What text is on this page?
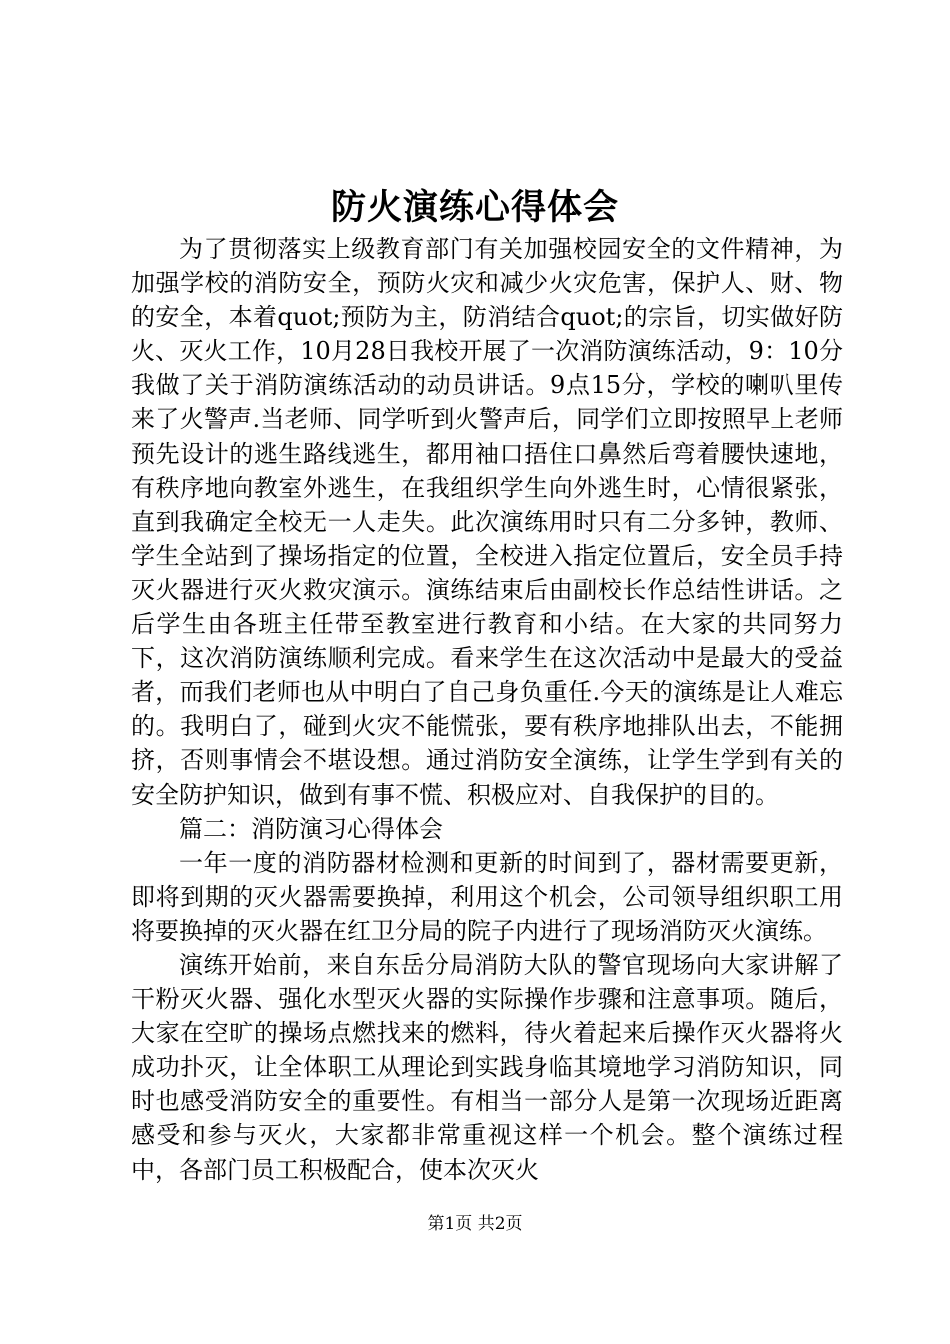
防火演练心得体会

为了贯彻落实上级教育部门有关加强校园安全的文件精神，为加强学校的消防安全，预防火灾和减少火灾危害，保护人、财、物的安全，本着quot;预防为主，防消结合quot;的宗旨，切实做好防火、灭火工作，10月28日我校开展了一次消防演练活动，9：10分我做了关于消防演练活动的动员讲话。9点15分，学校的喇叭里传来了火警声.当老师、同学听到火警声后，同学们立即按照早上老师预先设计的逃生路线逃生，都用袖口捂住口鼻然后弯着腰快速地，有秩序地向教室外逃生，在我组织学生向外逃生时，心情很紧张，直到我确定全校无一人走失。此次演练用时只有二分多钟，教师、学生全站到了操场指定的位置，全校进入指定位置后，安全员手持灭火器进行灭火救灾演示。演练结束后由副校长作总结性讲话。之后学生由各班主任带至教室进行教育和小结。在大家的共同努力下，这次消防演练顺利完成。看来学生在这次活动中是最大的受益者，而我们老师也从中明白了自己身负重任.今天的演练是让人难忘的。我明白了，碰到火灾不能慌张，要有秩序地排队出去，不能拥挤，否则事情会不堪设想。通过消防安全演练，让学生学到有关的安全防护知识，做到有事不慌、积极应对、自我保护的目的。

篇二：消防演习心得体会

一年一度的消防器材检测和更新的时间到了，器材需要更新，即将到期的灭火器需要换掉，利用这个机会，公司领导组织职工用将要换掉的灭火器在红卫分局的院子内进行了现场消防灭火演练。

演练开始前，来自东岳分局消防大队的警官现场向大家讲解了干粉灭火器、强化水型灭火器的实际操作步骤和注意事项。随后，大家在空旷的操场点燃找来的燃料，待火着起来后操作灭火器将火成功扑灭，让全体职工从理论到实践身临其境地学习消防知识，同时也感受消防安全的重要性。有相当一部分人是第一次现场近距离感受和参与灭火，大家都非常重视这样一个机会。整个演练过程中，各部门员工积极配合，使本次灭火

第1页 共2页
